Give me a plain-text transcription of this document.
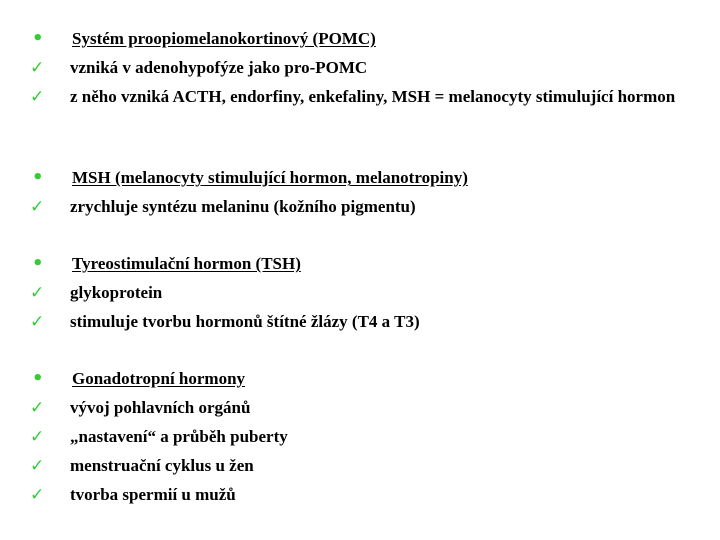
•	Systém proopiomelanokortinový (POMC)
✓	vzniká v adenohypofýze jako pro-POMC
✓	z něho vzniká ACTH, endorfiny, enkefaliny, MSH = melanocyty stimulující hormon
•	MSH (melanocyty stimulující hormon, melanotropiny)
✓	zrychluje syntézu melaninu (kožního pigmentu)
•	Tyreostimulační hormon (TSH)
✓	glykoprotein
✓	stimuluje tvorbu hormonů štítné žlázy (T4 a T3)
•	Gonadotropní hormony
✓	vývoj pohlavních orgánů
✓	„nastavení“ a průběh puberty
✓	menstruační cyklus u žen
✓	tvorba spermií u mužů
